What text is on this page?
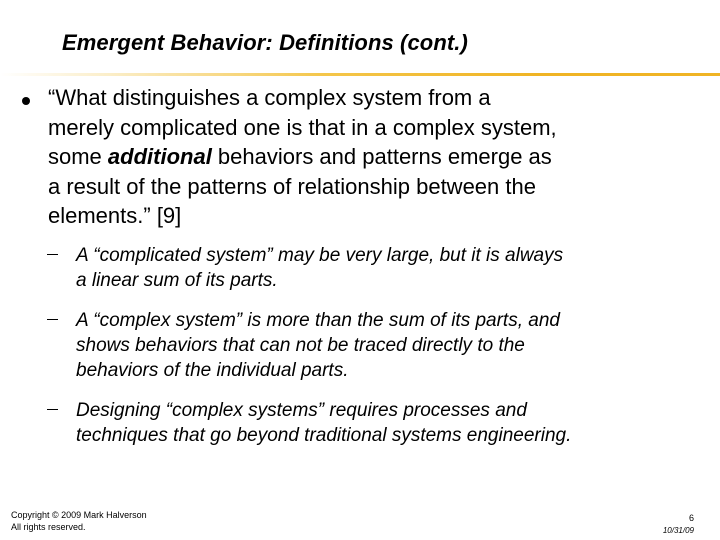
Emergent Behavior: Definitions (cont.)
“What distinguishes a complex system from a
merely complicated one is that in a complex system,
some additional behaviors and patterns emerge as
a result of the patterns of relationship between the
elements.” [9]
A “complicated system” may be very large, but it is always
a linear sum of its parts.
A “complex system” is more than the sum of its parts, and
shows behaviors that can not be traced directly to the
behaviors of the individual parts.
Designing “complex systems” requires processes and
techniques that go beyond traditional systems engineering.
Copyright © 2009 Mark Halverson
All rights reserved.
6
10/31/09
